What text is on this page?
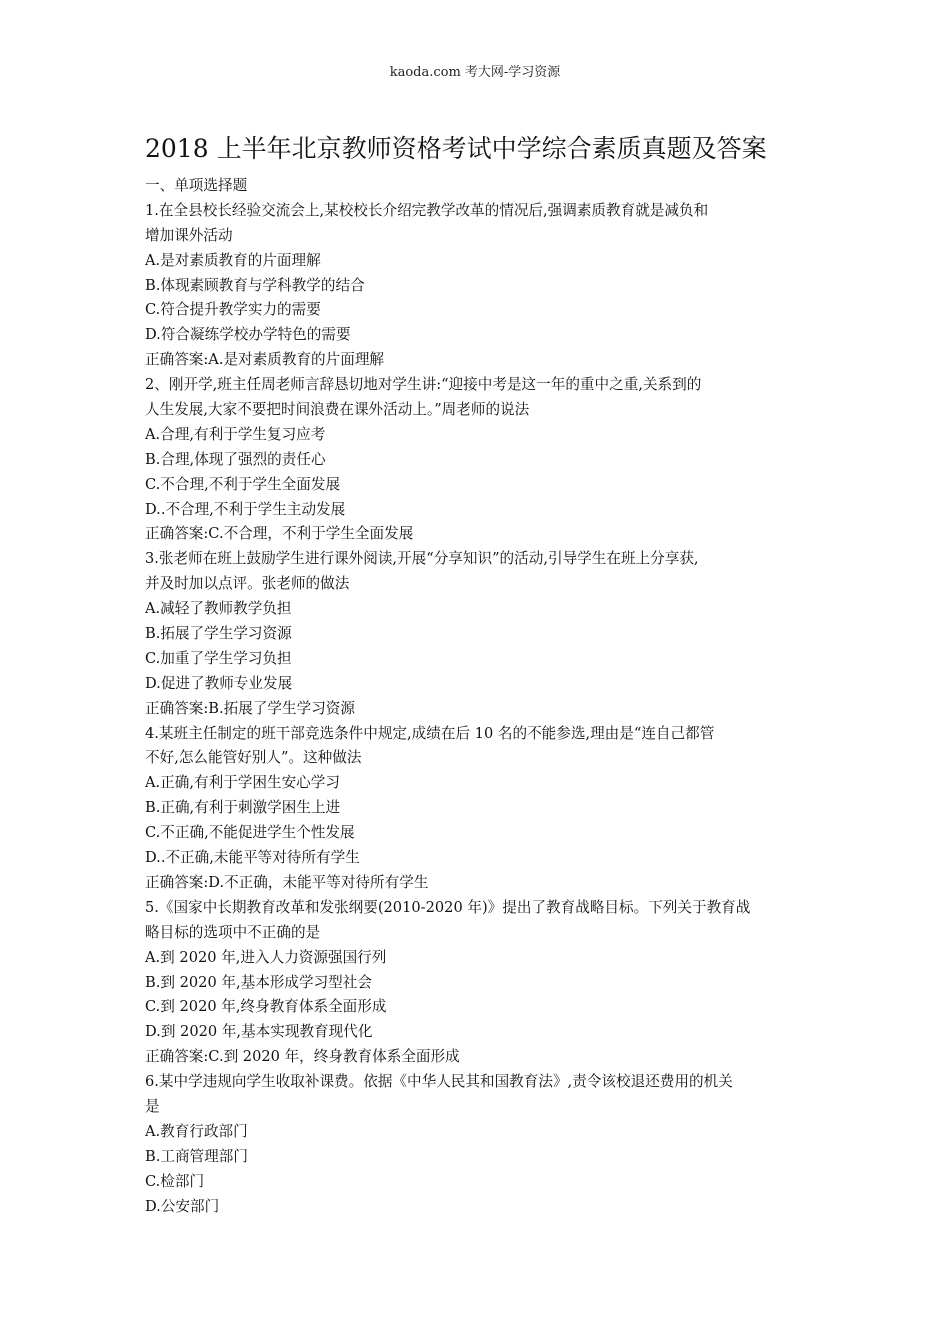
kaoda.com 考大网-学习资源
2018 上半年北京教师资格考试中学综合素质真题及答案
一、单项选择题
1.在全县校长经验交流会上,某校校长介绍完教学改革的情况后,强调素质教育就是减负和
增加课外活动
A.是对素质教育的片面理解
B.体现素顾教育与学科教学的结合
C.符合提升教学实力的需要
D.符合凝练学校办学特色的需要
正确答案:A.是对素质教育的片面理解
2、刚开学,班主任周老师言辞恳切地对学生讲:“迎接中考是这一年的重中之重,关系到的
人生发展,大家不要把时间浪费在课外活动上。”周老师的说法
A.合理,有利于学生复习应考
B.合理,体现了强烈的责任心
C.不合理,不利于学生全面发展
D..不合理,不利于学生主动发展
正确答案:C.不合理，不利于学生全面发展
3.张老师在班上鼓励学生进行课外阅读,开展“分享知识”的活动,引导学生在班上分享获,
并及时加以点评。张老师的做法
A.减轻了教师教学负担
B.拓展了学生学习资源
C.加重了学生学习负担
D.促进了教师专业发展
正确答案:B.拓展了学生学习资源
4.某班主任制定的班干部竞选条件中规定,成绩在后 10 名的不能参选,理由是“连自己都管
不好,怎么能管好别人”。这种做法
A.正确,有利于学困生安心学习
B.正确,有利于刺激学困生上进
C.不正确,不能促进学生个性发展
D..不正确,未能平等对待所有学生
正确答案:D.不正确，未能平等对待所有学生
5.《国家中长期教育改革和发张纲要(2010-2020 年)》提出了教育战略目标。下列关于教育战
略目标的选项中不正确的是
A.到 2020 年,进入人力资源强国行列
B.到 2020 年,基本形成学习型社会
C.到 2020 年,终身教育体系全面形成
D.到 2020 年,基本实现教育现代化
正确答案:C.到 2020 年，终身教育体系全面形成
6.某中学违规向学生收取补课费。依据《中华人民其和国教育法》,责令该校退还费用的机关
是
A.教育行政部门
B.工商管理部门
C.检部门
D.公安部门
